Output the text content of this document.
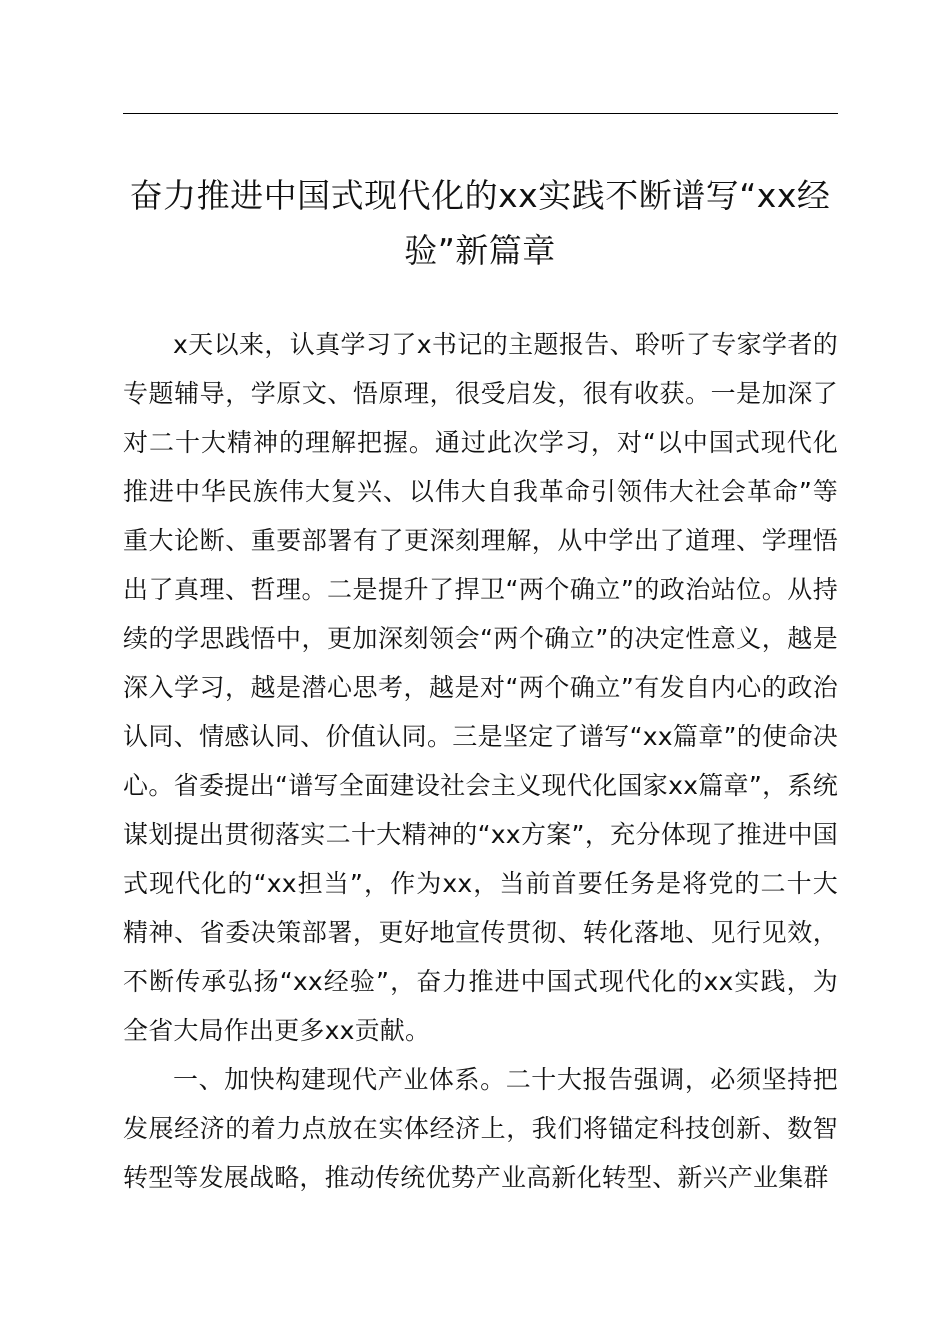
奋力推进中国式现代化的xx实践不断谱写“xx经验”新篇章

x天以来，认真学习了x书记的主题报告、聆听了专家学者的专题辅导，学原文、悟原理，很受启发，很有收获。一是加深了对二十大精神的理解把握。通过此次学习，对“以中国式现代化推进中华民族伟大复兴、以伟大自我革命引领伟大社会革命”等重大论断、重要部署有了更深刻理解，从中学出了道理、学理悟出了真理、哲理。二是提升了捍卫“两个确立”的政治站位。从持续的学思践悟中，更加深刻领会“两个确立”的决定性意义，越是深入学习，越是潜心思考，越是对“两个确立”有发自内心的政治认同、情感认同、价值认同。三是坚定了谱写“xx篇章”的使命决心。省委提出“谱写全面建设社会主义现代化国家xx篇章”，系统谋划提出贯彻落实二十大精神的“xx方案”，充分体现了推进中国式现代化的“xx担当”，作为xx，当前首要任务是将党的二十大精神、省委决策部署，更好地宣传贯彻、转化落地、见行见效，不断传承弘扬“xx经验”，奋力推进中国式现代化的xx实践，为全省大局作出更多xx贡献。

一、加快构建现代产业体系。二十大报告强调，必须坚持把发展经济的着力点放在实体经济上，我们将锚定科技创新、数智转型等发展战略，推动传统优势产业高新化转型、新兴产业集群
